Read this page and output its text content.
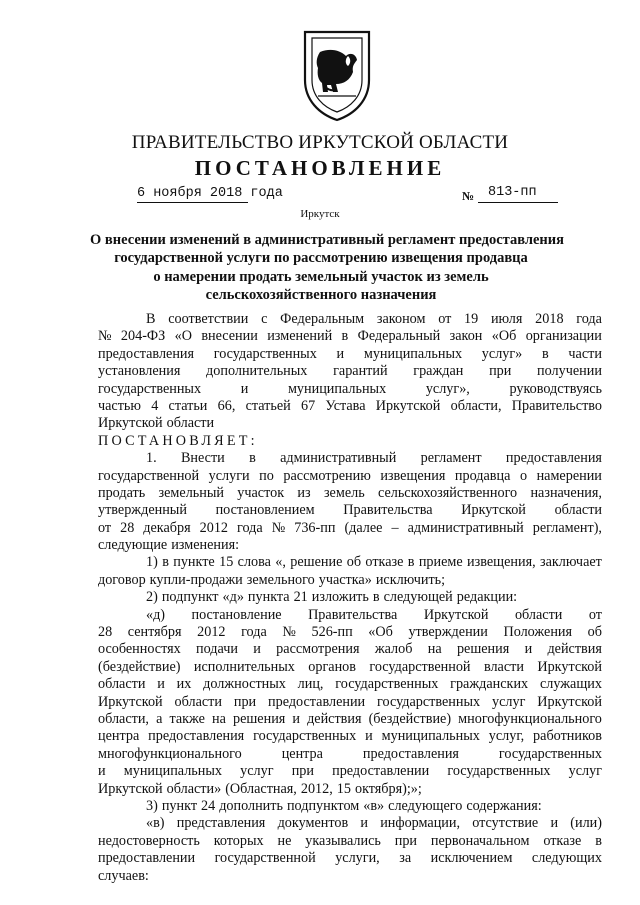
ПРАВИТЕЛЬСТВО ИРКУТСКОЙ ОБЛАСТИ
ПОСТАНОВЛЕНИЕ
6 ноября 2018 года	№ 813-пп
Иркутск
О внесении изменений в административный регламент предоставления
государственной услуги по рассмотрению извещения продавца
о намерении продать земельный участок из земель
сельскохозяйственного назначения
В соответствии с Федеральным законом от 19 июля 2018 года
№ 204-ФЗ «О внесении изменений в Федеральный закон «Об организации
предоставления государственных и муниципальных услуг» в части
установления дополнительных гарантий граждан при получении
государственных	и	муниципальных	услуг»,	руководствуясь
частью 4 статьи 66, статьей 67 Устава Иркутской области, Правительство
Иркутской области
ПОСТАНОВЛЯЕТ:
1. Внести в административный регламент предоставления
государственной услуги по рассмотрению извещения продавца о намерении
продать земельный участок из земель сельскохозяйственного назначения,
утвержденный постановлением Правительства Иркутской области
от 28 декабря 2012 года № 736-пп (далее – административный регламент),
следующие изменения:
1) в пункте 15 слова «, решение об отказе в приеме извещения, заключает
договор купли-продажи земельного участка» исключить;
2) подпункт «д» пункта 21 изложить в следующей редакции:
«д) постановление Правительства Иркутской области от
28 сентября 2012 года № 526-пп «Об утверждении Положения об
особенностях подачи и рассмотрения жалоб на решения и действия
(бездействие) исполнительных органов государственной власти Иркутской
области и их должностных лиц, государственных гражданских служащих
Иркутской области при предоставлении государственных услуг Иркутской
области, а также на решения и действия (бездействие) многофункционального
центра предоставления государственных и муниципальных услуг, работников
многофункционального	центра	предоставления	государственных
и муниципальных услуг при предоставлении государственных услуг
Иркутской области» (Областная, 2012, 15 октября);»;
3) пункт 24 дополнить подпунктом «в» следующего содержания:
«в) представления документов и информации, отсутствие и (или)
недостоверность которых не указывались при первоначальном отказе в
предоставлении государственной услуги, за исключением следующих
случаев:
